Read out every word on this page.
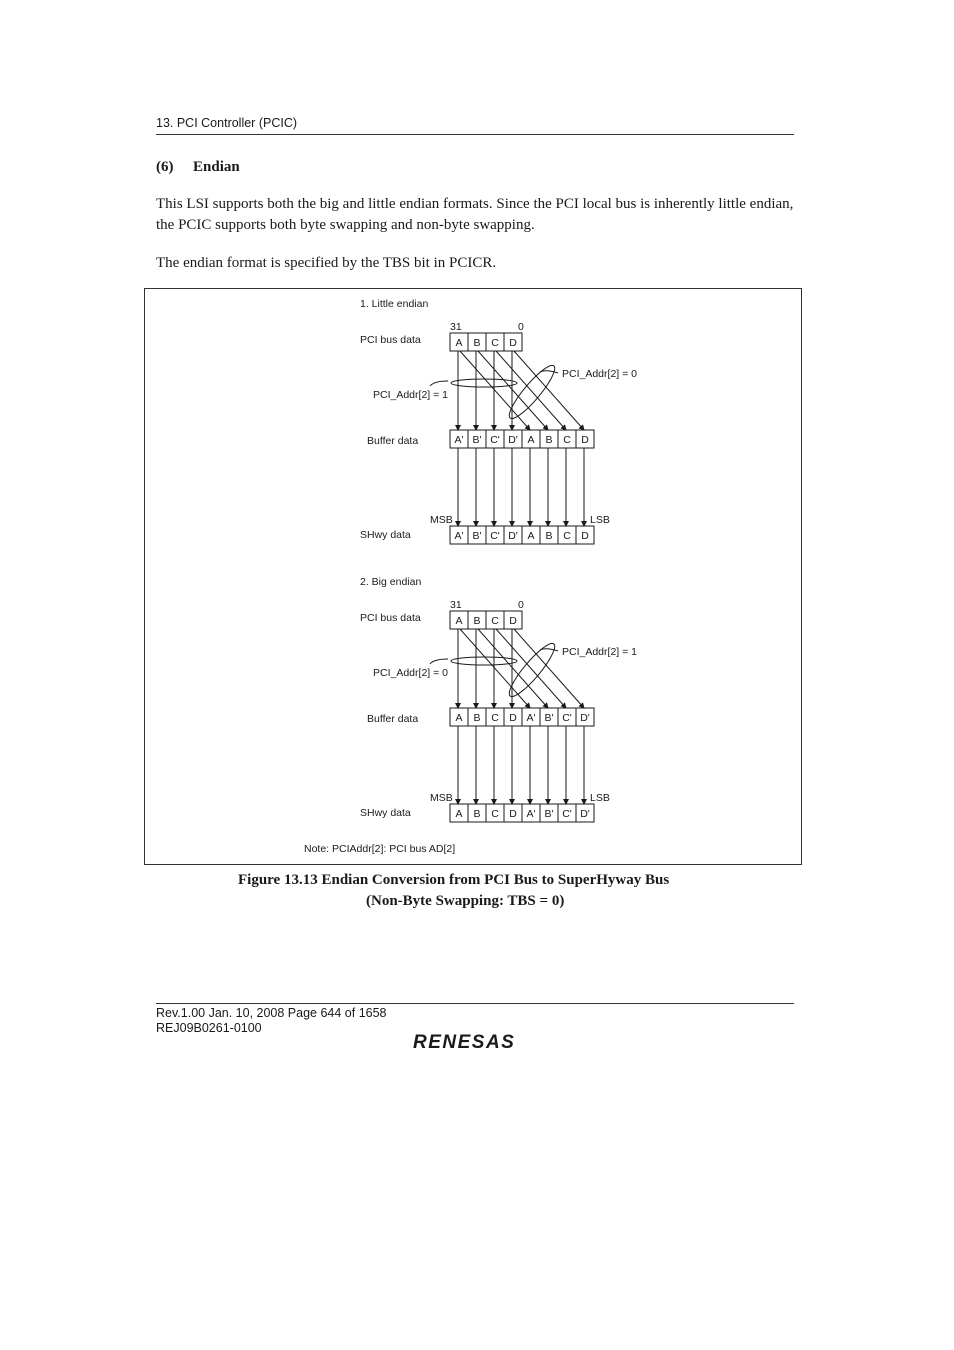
13. PCI Controller (PCIC)
(6) Endian
This LSI supports both the big and little endian formats. Since the PCI local bus is inherently little endian, the PCIC supports both byte swapping and non-byte swapping.
The endian format is specified by the TBS bit in PCICR.
1. Little endian
31	0
PCI bus data	A B C D
PCI_Addr[2] = 0
PCI_Addr[2] = 1
Buffer data	A' B' C' D' A B C D
MSB	LSB
SHwy data	A' B' C' D' A B C D
2. Big endian
31	0
PCI bus data	A B C D
PCI_Addr[2] = 1
PCI_Addr[2] = 0
Buffer data	A B C D A' B' C' D'
MSB	LSB
SHwy data	A B C D A' B' C' D'
Note: PCIAddr[2]: PCI bus AD[2]
Figure 13.13 Endian Conversion from PCI Bus to SuperHyway Bus
(Non-Byte Swapping: TBS = 0)
Rev.1.00 Jan. 10, 2008 Page 644 of 1658
REJ09B0261-0100
RENESAS
